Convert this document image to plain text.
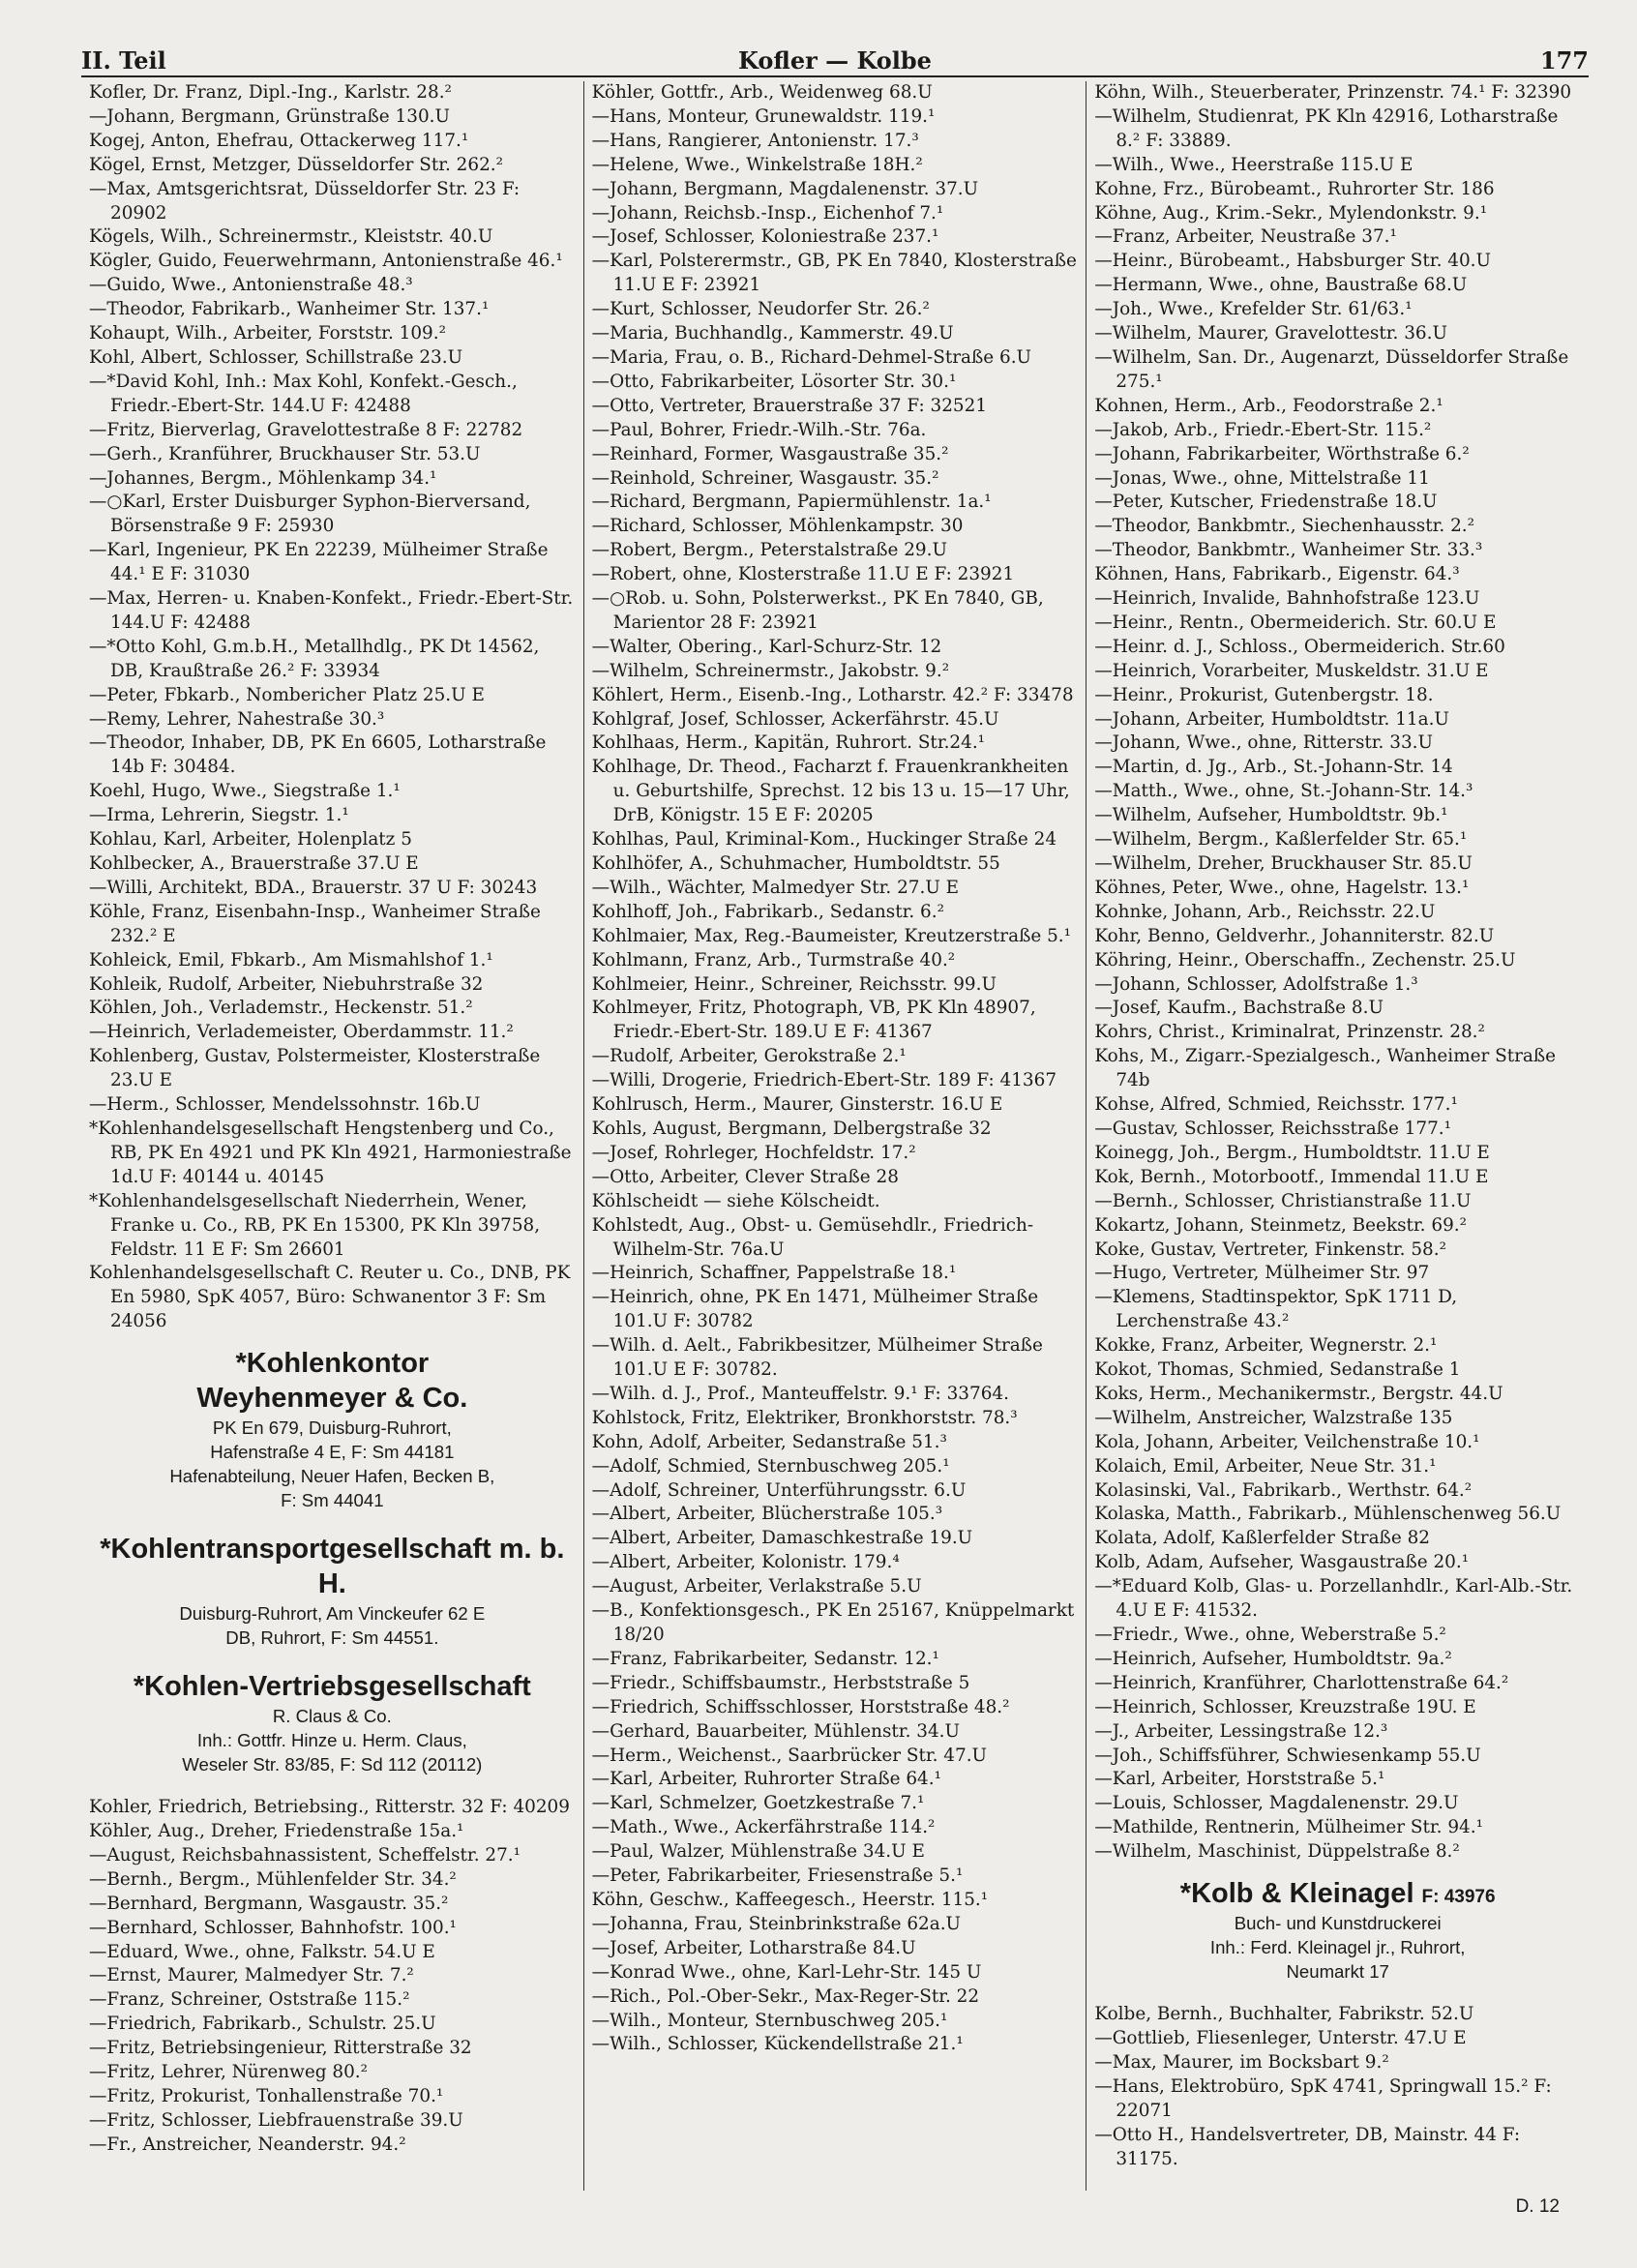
II. Teil	Kofler — Kolbe	177
Kofler, Dr. Franz, Dipl.-Ing., Karlstr. 28.²
—Johann, Bergmann, Grünstraße 130.U
Kogej, Anton, Ehefrau, Ottackerweg 117.¹
Kögel, Ernst, Metzger, Düsseldorfer Str. 262.²
—Max, Amtsgerichtsrat, Düsseldorfer Str. 23 F: 20902
Kögels, Wilh., Schreinermstr., Kleiststr. 40.U
Kögler, Guido, Feuerwehrmann, Antonienstraße 46.¹
—Guido, Wwe., Antonienstraße 48.³
—Theodor, Fabrikarb., Wanheimer Str. 137.¹
Kohaupt, Wilh., Arbeiter, Forststr. 109.²
Kohl, Albert, Schlosser, Schillstraße 23.U
—*David Kohl, Inh.: Max Kohl, Konfekt.-Gesch., Friedr.-Ebert-Str. 144.U F: 42488
—Fritz, Bierverlag, Gravelottestraße 8 F: 22782
—Gerh., Kranführer, Bruckhauser Str. 53.U
—Johannes, Bergm., Möhlenkamp 34.¹
—○Karl, Erster Duisburger Syphon-Bierversand, Börsenstraße 9 F: 25930
—Karl, Ingenieur, PK En 22239, Mülheimer Straße 44.¹ E F: 31030
—Max, Herren- u. Knaben-Konfekt., Friedr.-Ebert-Str. 144.U F: 42488
—*Otto Kohl, G.m.b.H., Metallhdlg., PK Dt 14562, DB, Kraußtraße 26.² F: 33934
—Peter, Fbkarb., Nomberichег Platz 25.U E
—Remy, Lehrer, Nahestraße 30.³
—Theodor, Inhaber, DB, PK En 6605, Lotharstraße 14b F: 30484.
Koehl, Hugo, Wwe., Siegstraße 1.¹
—Irma, Lehrerin, Siegstr. 1.¹
Kohlau, Karl, Arbeiter, Holenplatz 5
Kohlbecker, A., Brauerstraße 37.U E
—Willi, Architekt, BDA., Brauerstr. 37 U F: 30243
Köhle, Franz, Eisenbahn-Insp., Wanheimer Straße 232.² E
Kohleick, Emil, Fbkarb., Am Mismahlshof 1.¹
Kohleik, Rudolf, Arbeiter, Niebuhrstraße 32
Köhlen, Joh., Verlademstr., Heckenstr. 51.²
—Heinrich, Verlademeister, Oberdammstr. 11.²
Kohlenberg, Gustav, Polstermeister, Klosterstraße 23.U E
—Herm., Schlosser, Mendelssohnstr. 16b.U
*Kohlenhandelsgesellschaft Hengstenberg und Co., RB, PK En 4921 und PK Kln 4921, Harmoniestraße 1d.U F: 40144 u. 40145
*Kohlenhandelsgesellschaft Niederrhein, Wener, Franke u. Co., RB, PK En 15300, PK Kln 39758, Feldstr. 11 E F: Sm 26601
Kohlenhandelsgesellschaft C. Reuter u. Co., DNB, PK En 5980, SpK 4057, Büro: Schwanentor 3 F: Sm 24056
*Kohlenkontor
Weyhenmeyer & Co.
PK En 679, Duisburg-Ruhrort,
Hafenstraße 4 E, F: Sm 44181
Hafenabteilung, Neuer Hafen, Becken B,
F: Sm 44041
*Kohlentransportgesellschaft m. b. H.
Duisburg-Ruhrort, Am Vinckeufer 62 E
DB, Ruhrort, F: Sm 44551.
*Kohlen-Vertriebsgesellschaft
R. Claus & Co.
Inh.: Gottfr. Hinze u. Herm. Claus,
Weseler Str. 83/85, F: Sd 112 (20112)
Kohler, Friedrich, Betriebsing., Ritterstr. 32 F: 40209
Köhler, Aug., Dreher, Friedenstraße 15a.¹
—August, Reichsbahnassistent, Scheffelstr. 27.¹
—Bernh., Bergm., Mühlenfelder Str. 34.²
—Bernhard, Bergmann, Wasgaustr. 35.²
—Bernhard, Schlosser, Bahnhofstr. 100.¹
—Eduard, Wwe., ohne, Falkstr. 54.U E
—Ernst, Maurer, Malmedyer Str. 7.²
—Franz, Schreiner, Oststraße 115.²
—Friedrich, Fabrikarb., Schulstr. 25.U
—Fritz, Betriebsingenieur, Ritterstraße 32
—Fritz, Lehrer, Nürenweg 80.²
—Fritz, Prokurist, Tonhallenstraße 70.¹
—Fritz, Schlosser, Liebfrauenstraße 39.U
—Fr., Anstreicher, Neanderstr. 94.²
Köhler, Gottfr., Arb., Weidenweg 68.U
—Hans, Monteur, Grunewaldstr. 119.¹
—Hans, Rangierer, Antonienstr. 17.³
—Helene, Wwe., Winkelstraße 18H.²
—Johann, Bergmann, Magdalenenstr. 37.U
—Johann, Reichsb.-Insp., Eichenhof 7.¹
—Josef, Schlosser, Koloniestraße 237.¹
—Karl, Polsterermstr., GB, PK En 7840, Klosterstraße 11.U E F: 23921
—Kurt, Schlosser, Neudorfer Str. 26.²
—Maria, Buchhandlg., Kammerstr. 49.U
—Maria, Frau, o. B., Richard-Dehmel-Straße 6.U
—Otto, Fabrikarbeiter, Lösorter Str. 30.¹
—Otto, Vertreter, Brauerstraße 37 F: 32521
—Paul, Bohrer, Friedr.-Wilh.-Str. 76a.
—Reinhard, Former, Wasgaustraße 35.²
—Reinhold, Schreiner, Wasgaustr. 35.²
—Richard, Bergmann, Papiermühlenstr. 1a.¹
—Richard, Schlosser, Möhlenkampstr. 30
—Robert, Bergm., Peterstalstraße 29.U
—Robert, ohne, Klosterstraße 11.U E F: 23921
—○Rob. u. Sohn, Polsterwerkst., PK En 7840, GB, Marientor 28 F: 23921
—Walter, Obering., Karl-Schurz-Str. 12
—Wilhelm, Schreinermstr., Jakobstr. 9.²
Köhlert, Herm., Eisenb.-Ing., Lotharstr. 42.² F: 33478
Kohlgraf, Josef, Schlosser, Ackerfährstr. 45.U
Kohlhaas, Herm., Kapitän, Ruhrort. Str.24.¹
Kohlhage, Dr. Theod., Facharzt f. Frauenkrankheiten u. Geburtshilfe, Sprechst. 12 bis 13 u. 15—17 Uhr, DrB, Königstr. 15 E F: 20205
Kohlhas, Paul, Kriminal-Kom., Huckinger Straße 24
Kohlhöfer, A., Schuhmacher, Humboldtstr. 55
—Wilh., Wächter, Malmedyer Str. 27.U E
Kohlhoff, Joh., Fabrikarb., Sedanstr. 6.²
Kohlmaier, Max, Reg.-Baumeister, Kreutzerstraße 5.¹
Kohlmann, Franz, Arb., Turmstraße 40.²
Kohlmeier, Heinr., Schreiner, Reichsstr. 99.U
Kohlmeyer, Fritz, Photograph, VB, PK Kln 48907, Friedr.-Ebert-Str. 189.U E F: 41367
—Rudolf, Arbeiter, Gerokstraße 2.¹
—Willi, Drogerie, Friedrich-Ebert-Str. 189 F: 41367
Kohlrusch, Herm., Maurer, Ginsterstr. 16.U E
Kohls, August, Bergmann, Delbergstraße 32
—Josef, Rohrleger, Hochfeldstr. 17.²
—Otto, Arbeiter, Clever Straße 28
Köhlscheidt — siehe Kölscheidt.
Kohlstedt, Aug., Obst- u. Gemüsehdlr., Friedrich-Wilhelm-Str. 76a.U
—Heinrich, Schaffner, Pappelstraße 18.¹
—Heinrich, ohne, PK En 1471, Mülheimer Straße 101.U F: 30782
—Wilh. d. Aelt., Fabrikbesitzer, Mülheimer Straße 101.U E F: 30782.
—Wilh. d. J., Prof., Manteuffelstr. 9.¹ F: 33764.
Kohlstock, Fritz, Elektriker, Bronkhorststr. 78.³
Kohn, Adolf, Arbeiter, Sedanstraße 51.³
—Adolf, Schmied, Sternbuschweg 205.¹
—Adolf, Schreiner, Unterführungsstr. 6.U
—Albert, Arbeiter, Blücherstraße 105.³
—Albert, Arbeiter, Damaschkestraße 19.U
—Albert, Arbeiter, Kolonistr. 179.⁴
—August, Arbeiter, Verlakstraße 5.U
—B., Konfektionsgesch., PK En 25167, Knüppelmarkt 18/20
—Franz, Fabrikarbeiter, Sedanstr. 12.¹
—Friedr., Schiffsbaumstr., Herbststraße 5
—Friedrich, Schiffsschlosser, Horststraße 48.²
—Gerhard, Bauarbeiter, Mühlenstr. 34.U
—Herm., Weichenst., Saarbrücker Str. 47.U
—Karl, Arbeiter, Ruhrorter Straße 64.¹
—Karl, Schmelzer, Goetzkestraße 7.¹
—Math., Wwe., Ackerfährstraße 114.²
—Paul, Walzer, Mühlenstraße 34.U E
—Peter, Fabrikarbeiter, Friesenstraße 5.¹
Köhn, Geschw., Kaffeegesch., Heerstr. 115.¹
—Johanna, Frau, Steinbrinkstraße 62a.U
—Josef, Arbeiter, Lotharstraße 84.U
—Konrad Wwe., ohne, Karl-Lehr-Str. 145 U
—Rich., Pol.-Ober-Sekr., Max-Reger-Str. 22
—Wilh., Monteur, Sternbuschweg 205.¹
—Wilh., Schlosser, Kückendellstraße 21.¹
Köhn, Wilh., Steuerberater, Prinzenstr. 74.¹ F: 32390
—Wilhelm, Studienrat, PK Kln 42916, Lotharstraße 8.² F: 33889.
—Wilh., Wwe., Heerstraße 115.U E
Kohne, Frz., Bürobeamt., Ruhrorter Str. 186
Köhne, Aug., Krim.-Sekr., Mylendonkstr. 9.¹
—Franz, Arbeiter, Neustraße 37.¹
—Heinr., Bürobeamt., Habsburger Str. 40.U
—Hermann, Wwe., ohne, Baustraße 68.U
—Joh., Wwe., Krefelder Str. 61/63.¹
—Wilhelm, Maurer, Gravelottestr. 36.U
—Wilhelm, San. Dr., Augenarzt, Düsseldorfer Straße 275.¹
Kohnen, Herm., Arb., Feodorstraße 2.¹
—Jakob, Arb., Friedr.-Ebert-Str. 115.²
—Johann, Fabrikarbeiter, Wörthstraße 6.²
—Jonas, Wwe., ohne, Mittelstraße 11
—Peter, Kutscher, Friedenstraße 18.U
—Theodor, Bankbmtr., Siechenhausstr. 2.²
—Theodor, Bankbmtr., Wanheimer Str. 33.³
Köhnen, Hans, Fabrikarb., Eigenstr. 64.³
—Heinrich, Invalide, Bahnhofstraße 123.U
—Heinr., Rentn., Obermeiderich. Str. 60.U E
—Heinr. d. J., Schloss., Obermeiderich. Str.60
—Heinrich, Vorarbeiter, Muskeldstr. 31.U E
—Heinr., Prokurist, Gutenbergstr. 18.
—Johann, Arbeiter, Humboldtstr. 11a.U
—Johann, Wwe., ohne, Ritterstr. 33.U
—Martin, d. Jg., Arb., St.-Johann-Str. 14
—Matth., Wwe., ohne, St.-Johann-Str. 14.³
—Wilhelm, Aufseher, Humboldtstr. 9b.¹
—Wilhelm, Bergm., Kaßlerfelder Str. 65.¹
—Wilhelm, Dreher, Bruckhauser Str. 85.U
Köhnes, Peter, Wwe., ohne, Hagelstr. 13.¹
Kohnke, Johann, Arb., Reichsstr. 22.U
Kohr, Benno, Geldverhr., Johanniterstr. 82.U
Köhring, Heinr., Oberschaffn., Zechenstr. 25.U
—Johann, Schlosser, Adolfstraße 1.³
—Josef, Kaufm., Bachstraße 8.U
Kohrs, Christ., Kriminalrat, Prinzenstr. 28.²
Kohs, M., Zigarr.-Spezialgesch., Wanheimer Straße 74b
Kohse, Alfred, Schmied, Reichsstr. 177.¹
—Gustav, Schlosser, Reichsstraße 177.¹
Koinegg, Joh., Bergm., Humboldtstr. 11.U E
Kok, Bernh., Motorbootf., Immendal 11.U E
—Bernh., Schlosser, Christianstraße 11.U
Kokartz, Johann, Steinmetz, Beekstr. 69.²
Koke, Gustav, Vertreter, Finkenstr. 58.²
—Hugo, Vertreter, Mülheimer Str. 97
—Klemens, Stadtinspektor, SpK 1711 D, Lerchenstraße 43.²
Kokke, Franz, Arbeiter, Wegnerstr. 2.¹
Kokot, Thomas, Schmied, Sedanstraße 1
Koks, Herm., Mechanikermstr., Bergstr. 44.U
—Wilhelm, Anstreicher, Walzstraße 135
Kola, Johann, Arbeiter, Veilchenstraße 10.¹
Kolaich, Emil, Arbeiter, Neue Str. 31.¹
Kolasinski, Val., Fabrikarb., Werthstr. 64.²
Kolaska, Matth., Fabrikarb., Mühlenschenweg 56.U
Kolata, Adolf, Kaßlerfelder Straße 82
Kolb, Adam, Aufseher, Wasgaustraße 20.¹
—*Eduard Kolb, Glas- u. Porzellanhdlr., Karl-Alb.-Str. 4.U E F: 41532.
—Friedr., Wwe., ohne, Weberstraße 5.²
—Heinrich, Aufseher, Humboldtstr. 9a.²
—Heinrich, Kranführer, Charlottenstraße 64.²
—Heinrich, Schlosser, Kreuzstraße 19U. E
—J., Arbeiter, Lessingstraße 12.³
—Joh., Schiffsführer, Schwiesenkamp 55.U
—Karl, Arbeiter, Horststraße 5.¹
—Louis, Schlosser, Magdalenenstr. 29.U
—Mathilde, Rentnerin, Mülheimer Str. 94.¹
—Wilhelm, Maschinist, Düppelstraße 8.²
*Kolb & Kleinagel F: 43976
Buch- und Kunstdruckerei
Inh.: Ferd. Kleinagel jr., Ruhrort,
Neumarkt 17
Kolbe, Bernh., Buchhalter, Fabrikstr. 52.U
—Gottlieb, Fliesenleger, Unterstr. 47.U E
—Max, Maurer, im Bocksbart 9.²
—Hans, Elektrobüro, SpK 4741, Springwall 15.² F: 22071
—Otto H., Handelsvertreter, DB, Mainstr. 44 F: 31175.
D. 12
